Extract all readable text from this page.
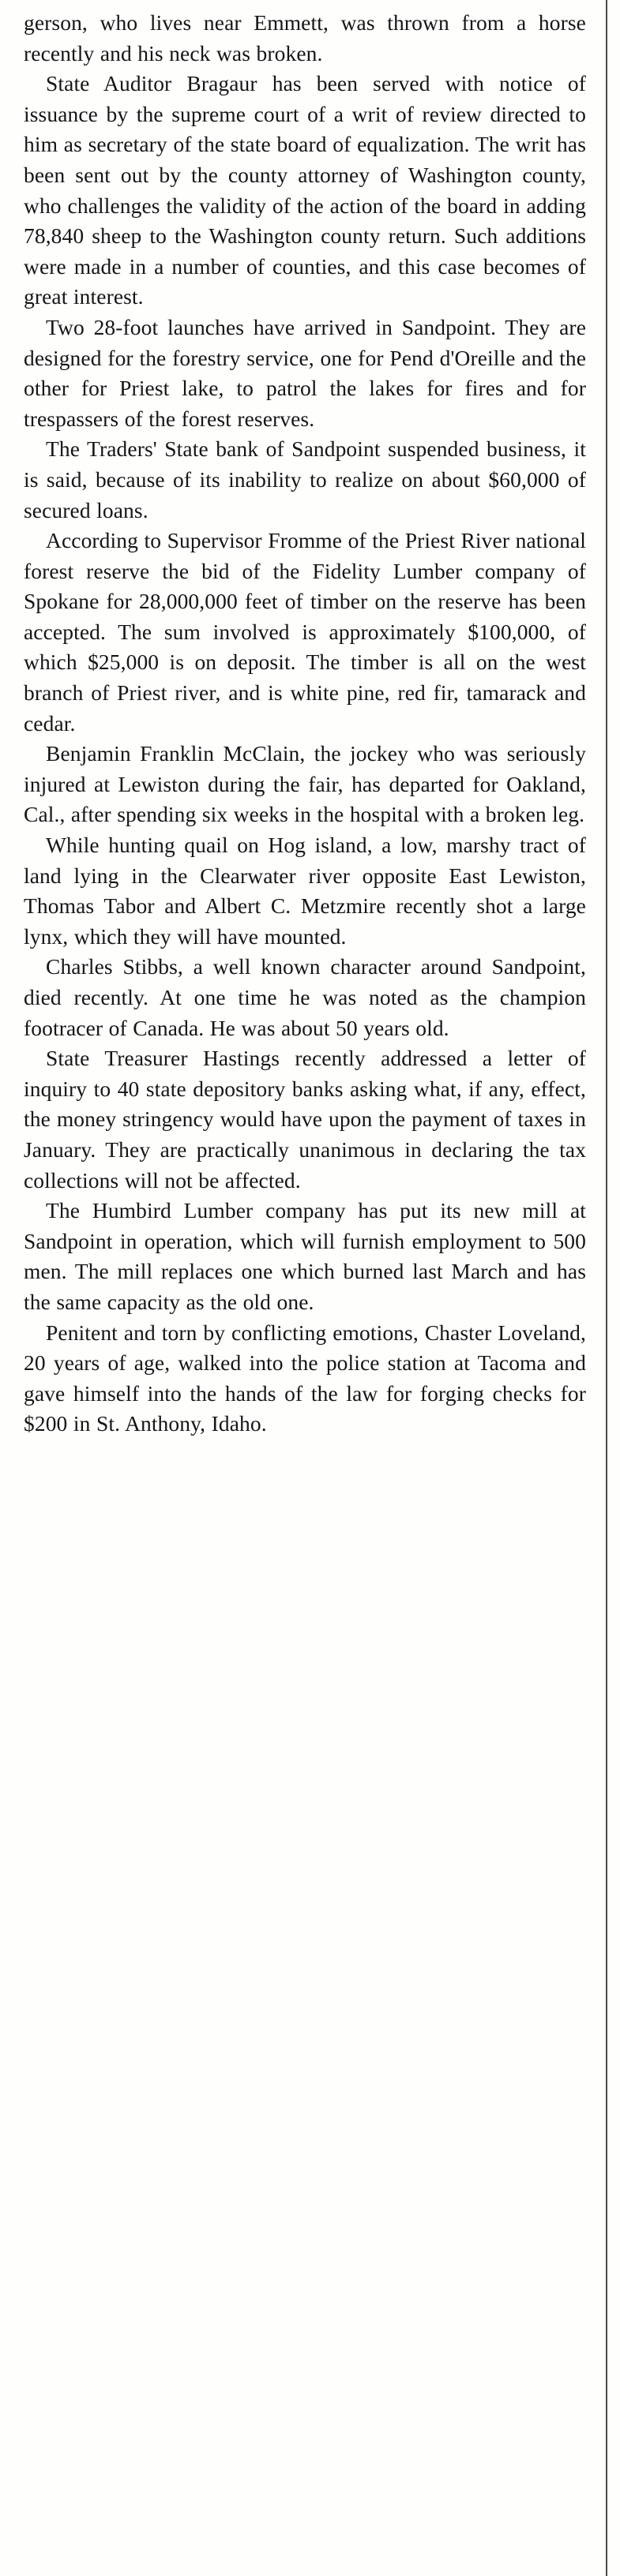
gerson, who lives near Emmett, was thrown from a horse recently and his neck was broken.

State Auditor Bragaur has been served with notice of issuance by the supreme court of a writ of review directed to him as secretary of the state board of equalization. The writ has been sent out by the county attorney of Washington county, who challenges the validity of the action of the board in adding 78,840 sheep to the Washington county return. Such additions were made in a number of counties, and this case becomes of great interest.

Two 28-foot launches have arrived in Sandpoint. They are designed for the forestry service, one for Pend d'Oreille and the other for Priest lake, to patrol the lakes for fires and for trespassers of the forest reserves.

The Traders' State bank of Sandpoint suspended business, it is said, because of its inability to realize on about $60,000 of secured loans.

According to Supervisor Fromme of the Priest River national forest reserve the bid of the Fidelity Lumber company of Spokane for 28,000,000 feet of timber on the reserve has been accepted. The sum involved is approximately $100,000, of which $25,000 is on deposit. The timber is all on the west branch of Priest river, and is white pine, red fir, tamarack and cedar.

Benjamin Franklin McClain, the jockey who was seriously injured at Lewiston during the fair, has departed for Oakland, Cal., after spending six weeks in the hospital with a broken leg.

While hunting quail on Hog island, a low, marshy tract of land lying in the Clearwater river opposite East Lewiston, Thomas Tabor and Albert C. Metzmire recently shot a large lynx, which they will have mounted.

Charles Stibbs, a well known character around Sandpoint, died recently. At one time he was noted as the champion footracer of Canada. He was about 50 years old.

State Treasurer Hastings recently addressed a letter of inquiry to 40 state depository banks asking what, if any, effect, the money stringency would have upon the payment of taxes in January. They are practically unanimous in declaring the tax collections will not be affected.

The Humbird Lumber company has put its new mill at Sandpoint in operation, which will furnish employment to 500 men. The mill replaces one which burned last March and has the same capacity as the old one.

Penitent and torn by conflicting emotions, Chaster Loveland, 20 years of age, walked into the police station at Tacoma and gave himself into the hands of the law for forging checks for $200 in St. Anthony, Idaho.
